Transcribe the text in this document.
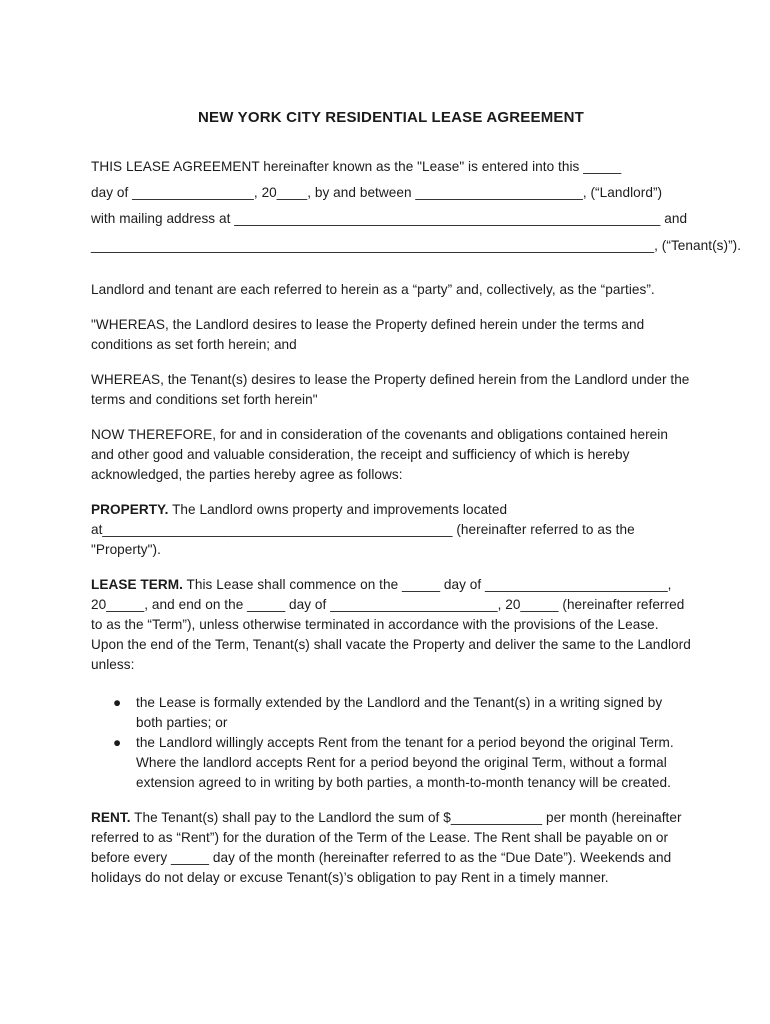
NEW YORK CITY RESIDENTIAL LEASE AGREEMENT

THIS LEASE AGREEMENT hereinafter known as the "Lease" is entered into this _____

day of ________________, 20____, by and between ______________________, (“Landlord”)

with mailing address at ________________________________________________________ and

__________________________________________________________________________, (“Tenant(s)”).

Landlord and tenant are each referred to herein as a “party” and, collectively, as the “parties”.

"WHEREAS, the Landlord desires to lease the Property defined herein under the terms and conditions as set forth herein; and

WHEREAS, the Tenant(s) desires to lease the Property defined herein from the Landlord under the terms and conditions set forth herein"

NOW THEREFORE, for and in consideration of the covenants and obligations contained herein and other good and valuable consideration, the receipt and sufficiency of which is hereby acknowledged, the parties hereby agree as follows:

PROPERTY. The Landlord owns property and improvements located at______________________________________________ (hereinafter referred to as the "Property").

LEASE TERM. This Lease shall commence on the _____ day of ________________________, 20_____, and end on the _____ day of ______________________, 20_____ (hereinafter referred to as the “Term”), unless otherwise terminated in accordance with the provisions of the Lease. Upon the end of the Term, Tenant(s) shall vacate the Property and deliver the same to the Landlord unless:

● the Lease is formally extended by the Landlord and the Tenant(s) in a writing signed by both parties; or
● the Landlord willingly accepts Rent from the tenant for a period beyond the original Term. Where the landlord accepts Rent for a period beyond the original Term, without a formal extension agreed to in writing by both parties, a month-to-month tenancy will be created.

RENT. The Tenant(s) shall pay to the Landlord the sum of $____________ per month (hereinafter referred to as “Rent”) for the duration of the Term of the Lease. The Rent shall be payable on or before every _____ day of the month (hereinafter referred to as the “Due Date”). Weekends and holidays do not delay or excuse Tenant(s)’s obligation to pay Rent in a timely manner.
